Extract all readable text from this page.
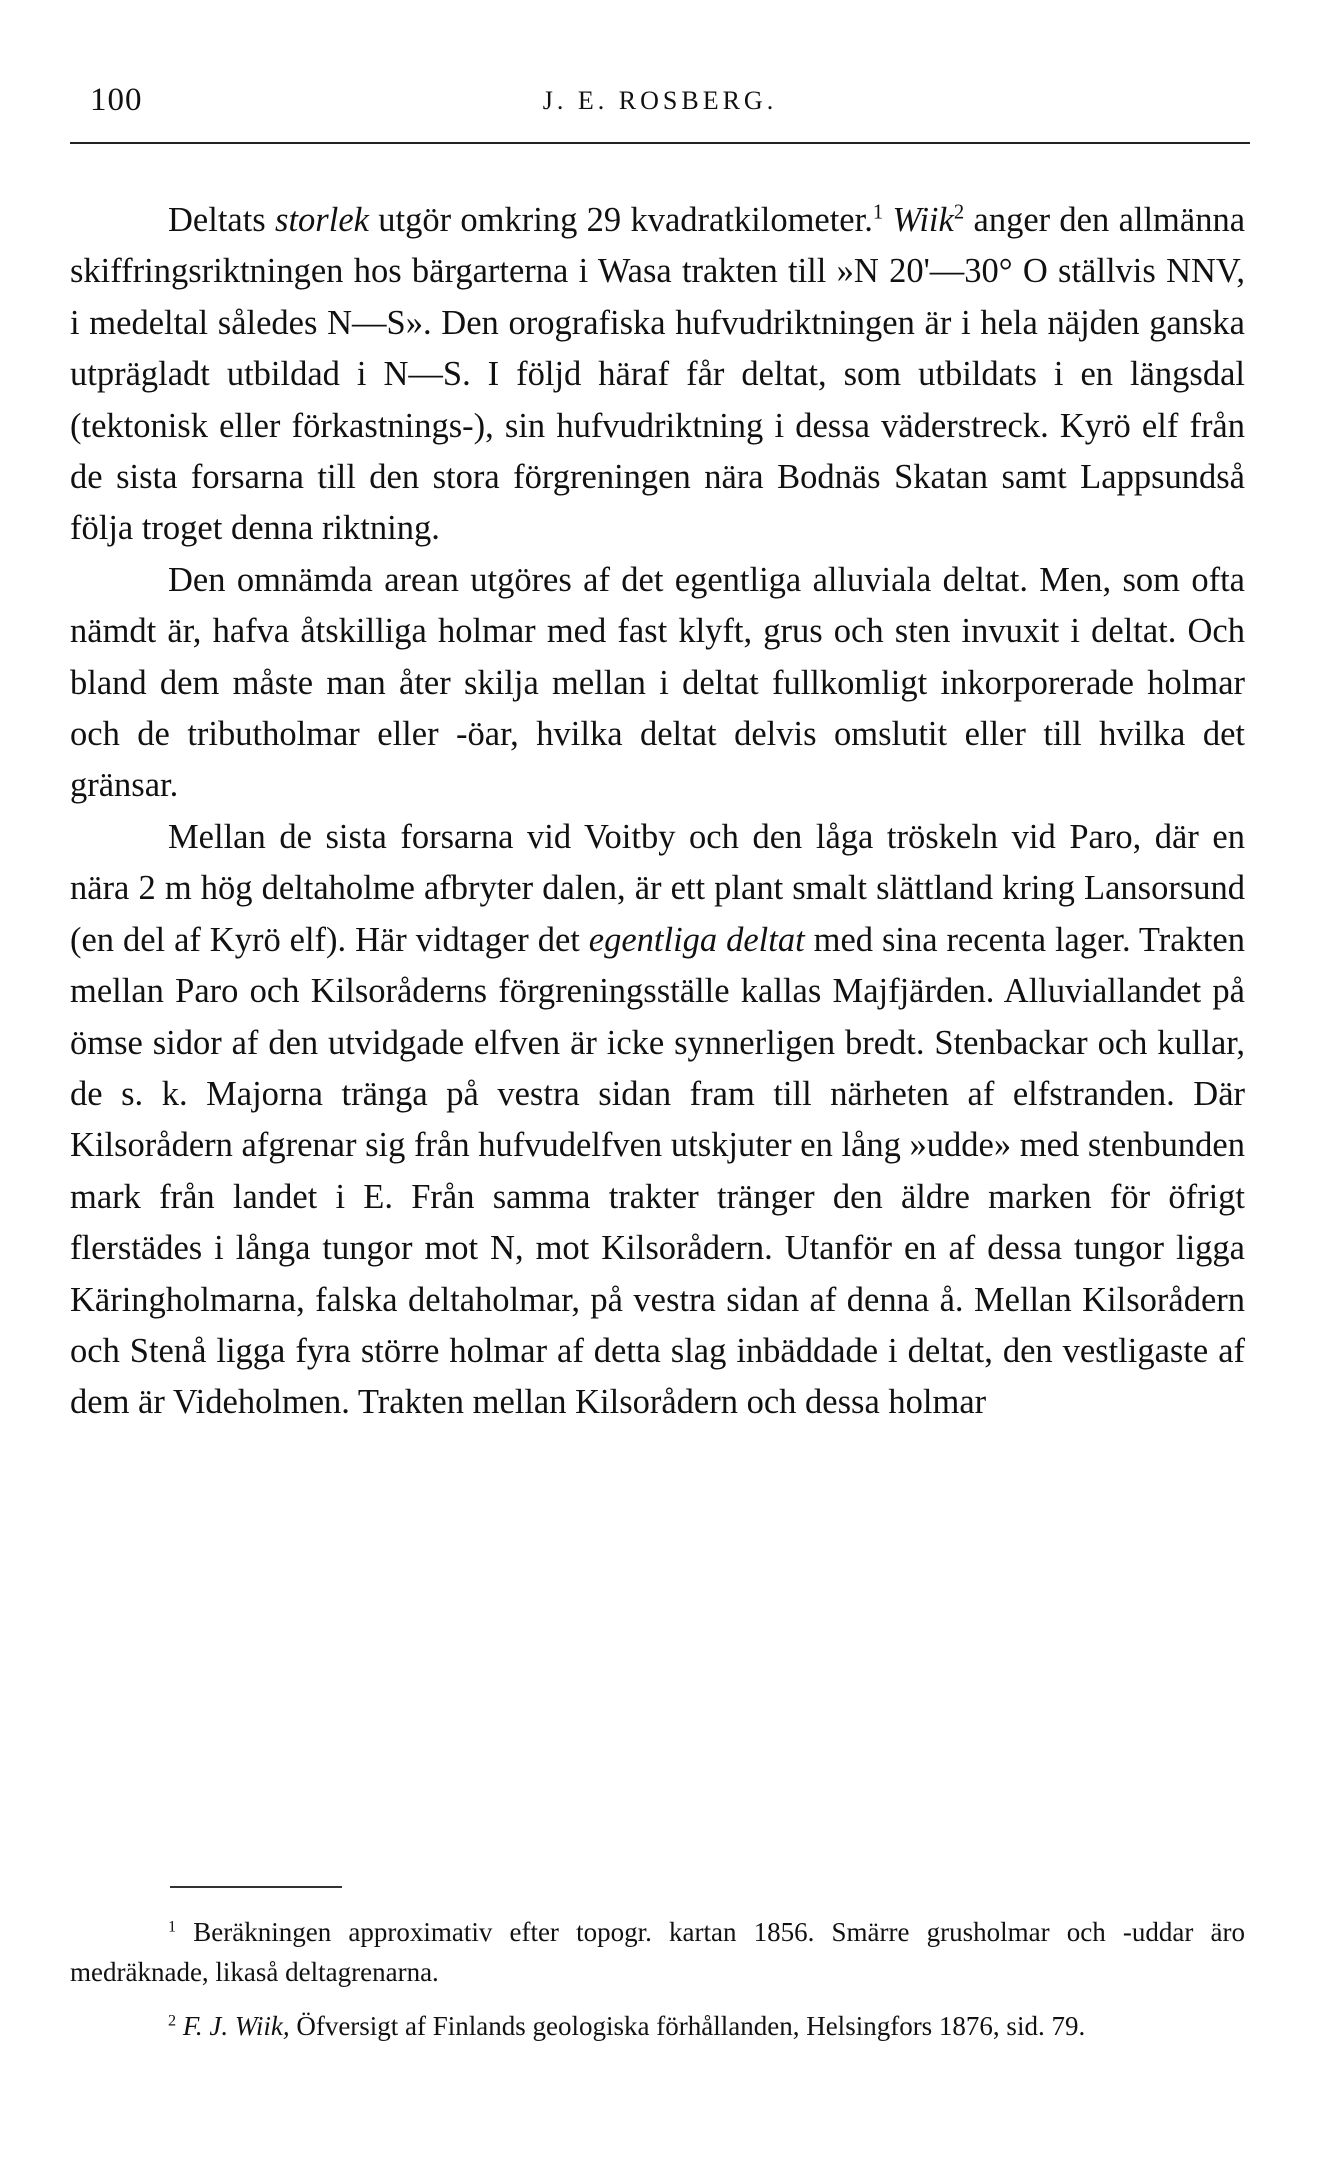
100	J. E. ROSBERG.

Deltats storlek utgör omkring 29 kvadratkilometer.$^1$ Wiik$^2$ anger den allmänna skiffringsriktningen hos bärgarterna i Wasa trakten till »N 20'—30° O ställvis NNV, i medeltal således N—S». Den orografiska hufvudriktningen är i hela näjden ganska utprägladt utbildad i N—S. I följd häraf får deltat, som utbildats i en längsdal (tektonisk eller förkastnings-), sin hufvudriktning i dessa väderstreck. Kyrö elf från de sista forsarna till den stora förgreningen nära Bodnäs Skatan samt Lappsundså följa troget denna riktning.

Den omnämda arean utgöres af det egentliga alluviala deltat. Men, som ofta nämdt är, hafva åtskilliga holmar med fast klyft, grus och sten invuxit i deltat. Och bland dem måste man åter skilja mellan i deltat fullkomligt inkorporerade holmar och de tributholmar eller -öar, hvilka deltat delvis omslutit eller till hvilka det gränsar.

Mellan de sista forsarna vid Voitby och den låga tröskeln vid Paro, där en nära 2 m hög deltaholme afbryter dalen, är ett plant smalt slättland kring Lansorsund (en del af Kyrö elf). Här vidtager det egentliga deltat med sina recenta lager. Trakten mellan Paro och Kilsoråderns förgreningsställe kallas Majfjärden. Alluviallandet på ömse sidor af den utvidgade elfven är icke synnerligen bredt. Stenbackar och kullar, de s. k. Majorna tränga på vestra sidan fram till närheten af elfstranden. Där Kilsorådern afgrenar sig från hufvudelfven utskjuter en lång »udde» med stenbunden mark från landet i E. Från samma trakter tränger den äldre marken för öfrigt flerstädes i långa tungor mot N, mot Kilsorådern. Utanför en af dessa tungor ligga Käringholmarna, falska deltaholmar, på vestra sidan af denna å. Mellan Kilsorådern och Stenå ligga fyra större holmar af detta slag inbäddade i deltat, den vestligaste af dem är Videholmen. Trakten mellan Kilsorådern och dessa holmar

$^1$ Beräkningen approximativ efter topogr. kartan 1856. Smärre grusholmar och -uddar äro medräknade, likaså deltagrenarna.

$^2$ F. J. Wiik, Öfversigt af Finlands geologiska förhållanden, Helsingfors 1876, sid. 79.
